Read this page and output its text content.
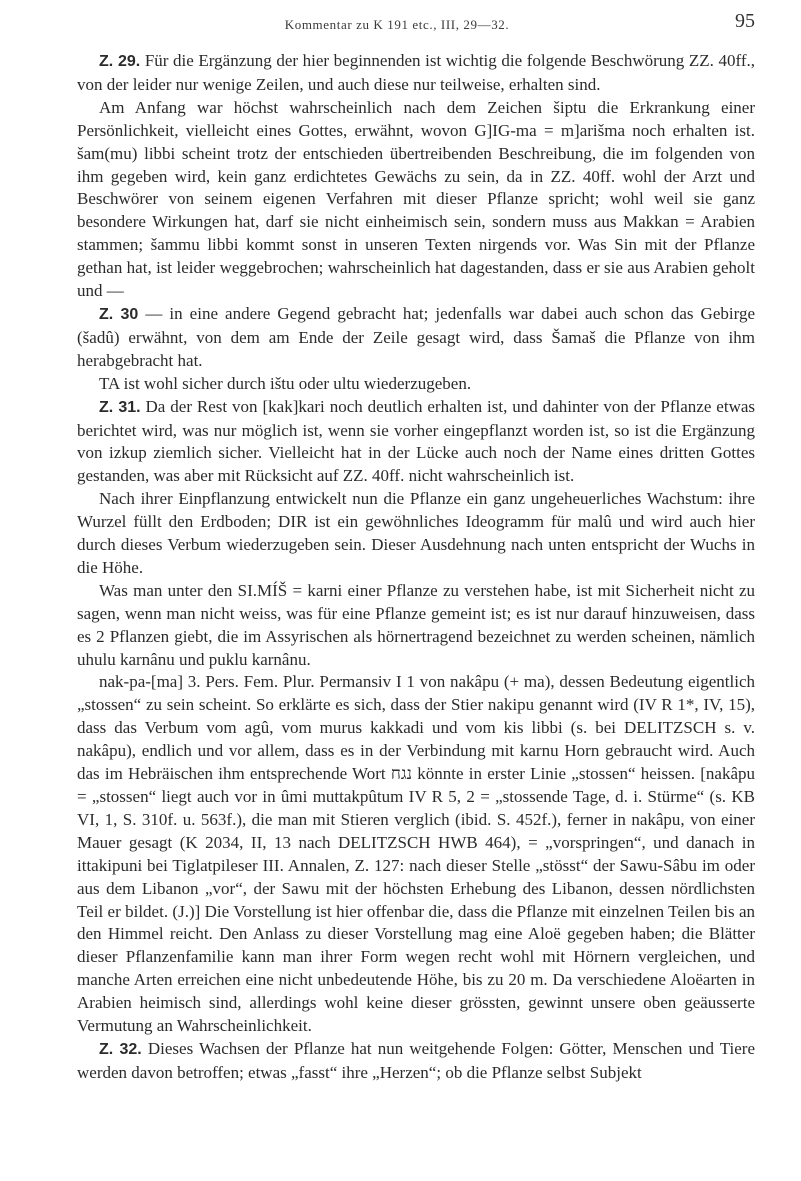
Kommentar zu K 191 etc., III, 29—32.	95

Z. 29. Für die Ergänzung der hier beginnenden ist wichtig die folgende Beschwörung ZZ. 40ff., von der leider nur wenige Zeilen, und auch diese nur teilweise, erhalten sind.

Am Anfang war höchst wahrscheinlich nach dem Zeichen šiptu die Erkrankung einer Persönlichkeit, vielleicht eines Gottes, erwähnt, wovon G]IG-ma = m]arišma noch erhalten ist. šam(mu) libbi scheint trotz der entschieden übertreibenden Beschreibung, die im folgenden von ihm gegeben wird, kein ganz erdichtetes Gewächs zu sein, da in ZZ. 40ff. wohl der Arzt und Beschwörer von seinem eigenen Verfahren mit dieser Pflanze spricht; wohl weil sie ganz besondere Wirkungen hat, darf sie nicht einheimisch sein, sondern muss aus Makkan = Arabien stammen; šammu libbi kommt sonst in unseren Texten nirgends vor. Was Sin mit der Pflanze gethan hat, ist leider weggebrochen; wahrscheinlich hat dagestanden, dass er sie aus Arabien geholt und —

Z. 30 — in eine andere Gegend gebracht hat; jedenfalls war dabei auch schon das Gebirge (šadû) erwähnt, von dem am Ende der Zeile gesagt wird, dass Šamaš die Pflanze von ihm herabgebracht hat.

TA ist wohl sicher durch ištu oder ultu wiederzugeben.

Z. 31. Da der Rest von [kak]kari noch deutlich erhalten ist, und dahinter von der Pflanze etwas berichtet wird, was nur möglich ist, wenn sie vorher eingepflanzt worden ist, so ist die Ergänzung von izkup ziemlich sicher. Vielleicht hat in der Lücke auch noch der Name eines dritten Gottes gestanden, was aber mit Rücksicht auf ZZ. 40ff. nicht wahrscheinlich ist.

Nach ihrer Einpflanzung entwickelt nun die Pflanze ein ganz ungeheuerliches Wachstum: ihre Wurzel füllt den Erdboden; DIR ist ein gewöhnliches Ideogramm für malû und wird auch hier durch dieses Verbum wiederzugeben sein. Dieser Ausdehnung nach unten entspricht der Wuchs in die Höhe.

Was man unter den SI.MÍŠ = karni einer Pflanze zu verstehen habe, ist mit Sicherheit nicht zu sagen, wenn man nicht weiss, was für eine Pflanze gemeint ist; es ist nur darauf hinzuweisen, dass es 2 Pflanzen giebt, die im Assyrischen als hörnertragend bezeichnet zu werden scheinen, nämlich uhulu karnânu und puklu karnânu.

nak-pa-[ma] 3. Pers. Fem. Plur. Permansiv I 1 von nakâpu (+ ma), dessen Bedeutung eigentlich „stossen“ zu sein scheint. So erklärte es sich, dass der Stier nakipu genannt wird (IV R 1*, IV, 15), dass das Verbum vom agû, vom murus kakkadi und vom kis libbi (s. bei DELITZSCH s. v. nakâpu), endlich und vor allem, dass es in der Verbindung mit karnu Horn gebraucht wird. Auch das im Hebräischen ihm entsprechende Wort נגח könnte in erster Linie „stossen“ heissen. [nakâpu = „stossen“ liegt auch vor in ûmi muttakpûtum IV R 5, 2 = „stossende Tage, d. i. Stürme“ (s. KB VI, 1, S. 310f. u. 563f.), die man mit Stieren verglich (ibid. S. 452f.), ferner in nakâpu, von einer Mauer gesagt (K 2034, II, 13 nach DELITZSCH HWB 464), = „vorspringen“, und danach in ittakipuni bei Tiglatpileser III. Annalen, Z. 127: nach dieser Stelle „stösst“ der Sawu-Sâbu im oder aus dem Libanon „vor“, der Sawu mit der höchsten Erhebung des Libanon, dessen nördlichsten Teil er bildet. (J.)] Die Vorstellung ist hier offenbar die, dass die Pflanze mit einzelnen Teilen bis an den Himmel reicht. Den Anlass zu dieser Vorstellung mag eine Aloë gegeben haben; die Blätter dieser Pflanzenfamilie kann man ihrer Form wegen recht wohl mit Hörnern vergleichen, und manche Arten erreichen eine nicht unbedeutende Höhe, bis zu 20 m. Da verschiedene Aloëarten in Arabien heimisch sind, allerdings wohl keine dieser grössten, gewinnt unsere oben geäusserte Vermutung an Wahrscheinlichkeit.

Z. 32. Dieses Wachsen der Pflanze hat nun weitgehende Folgen: Götter, Menschen und Tiere werden davon betroffen; etwas „fasst“ ihre „Herzen“; ob die Pflanze selbst Subjekt
